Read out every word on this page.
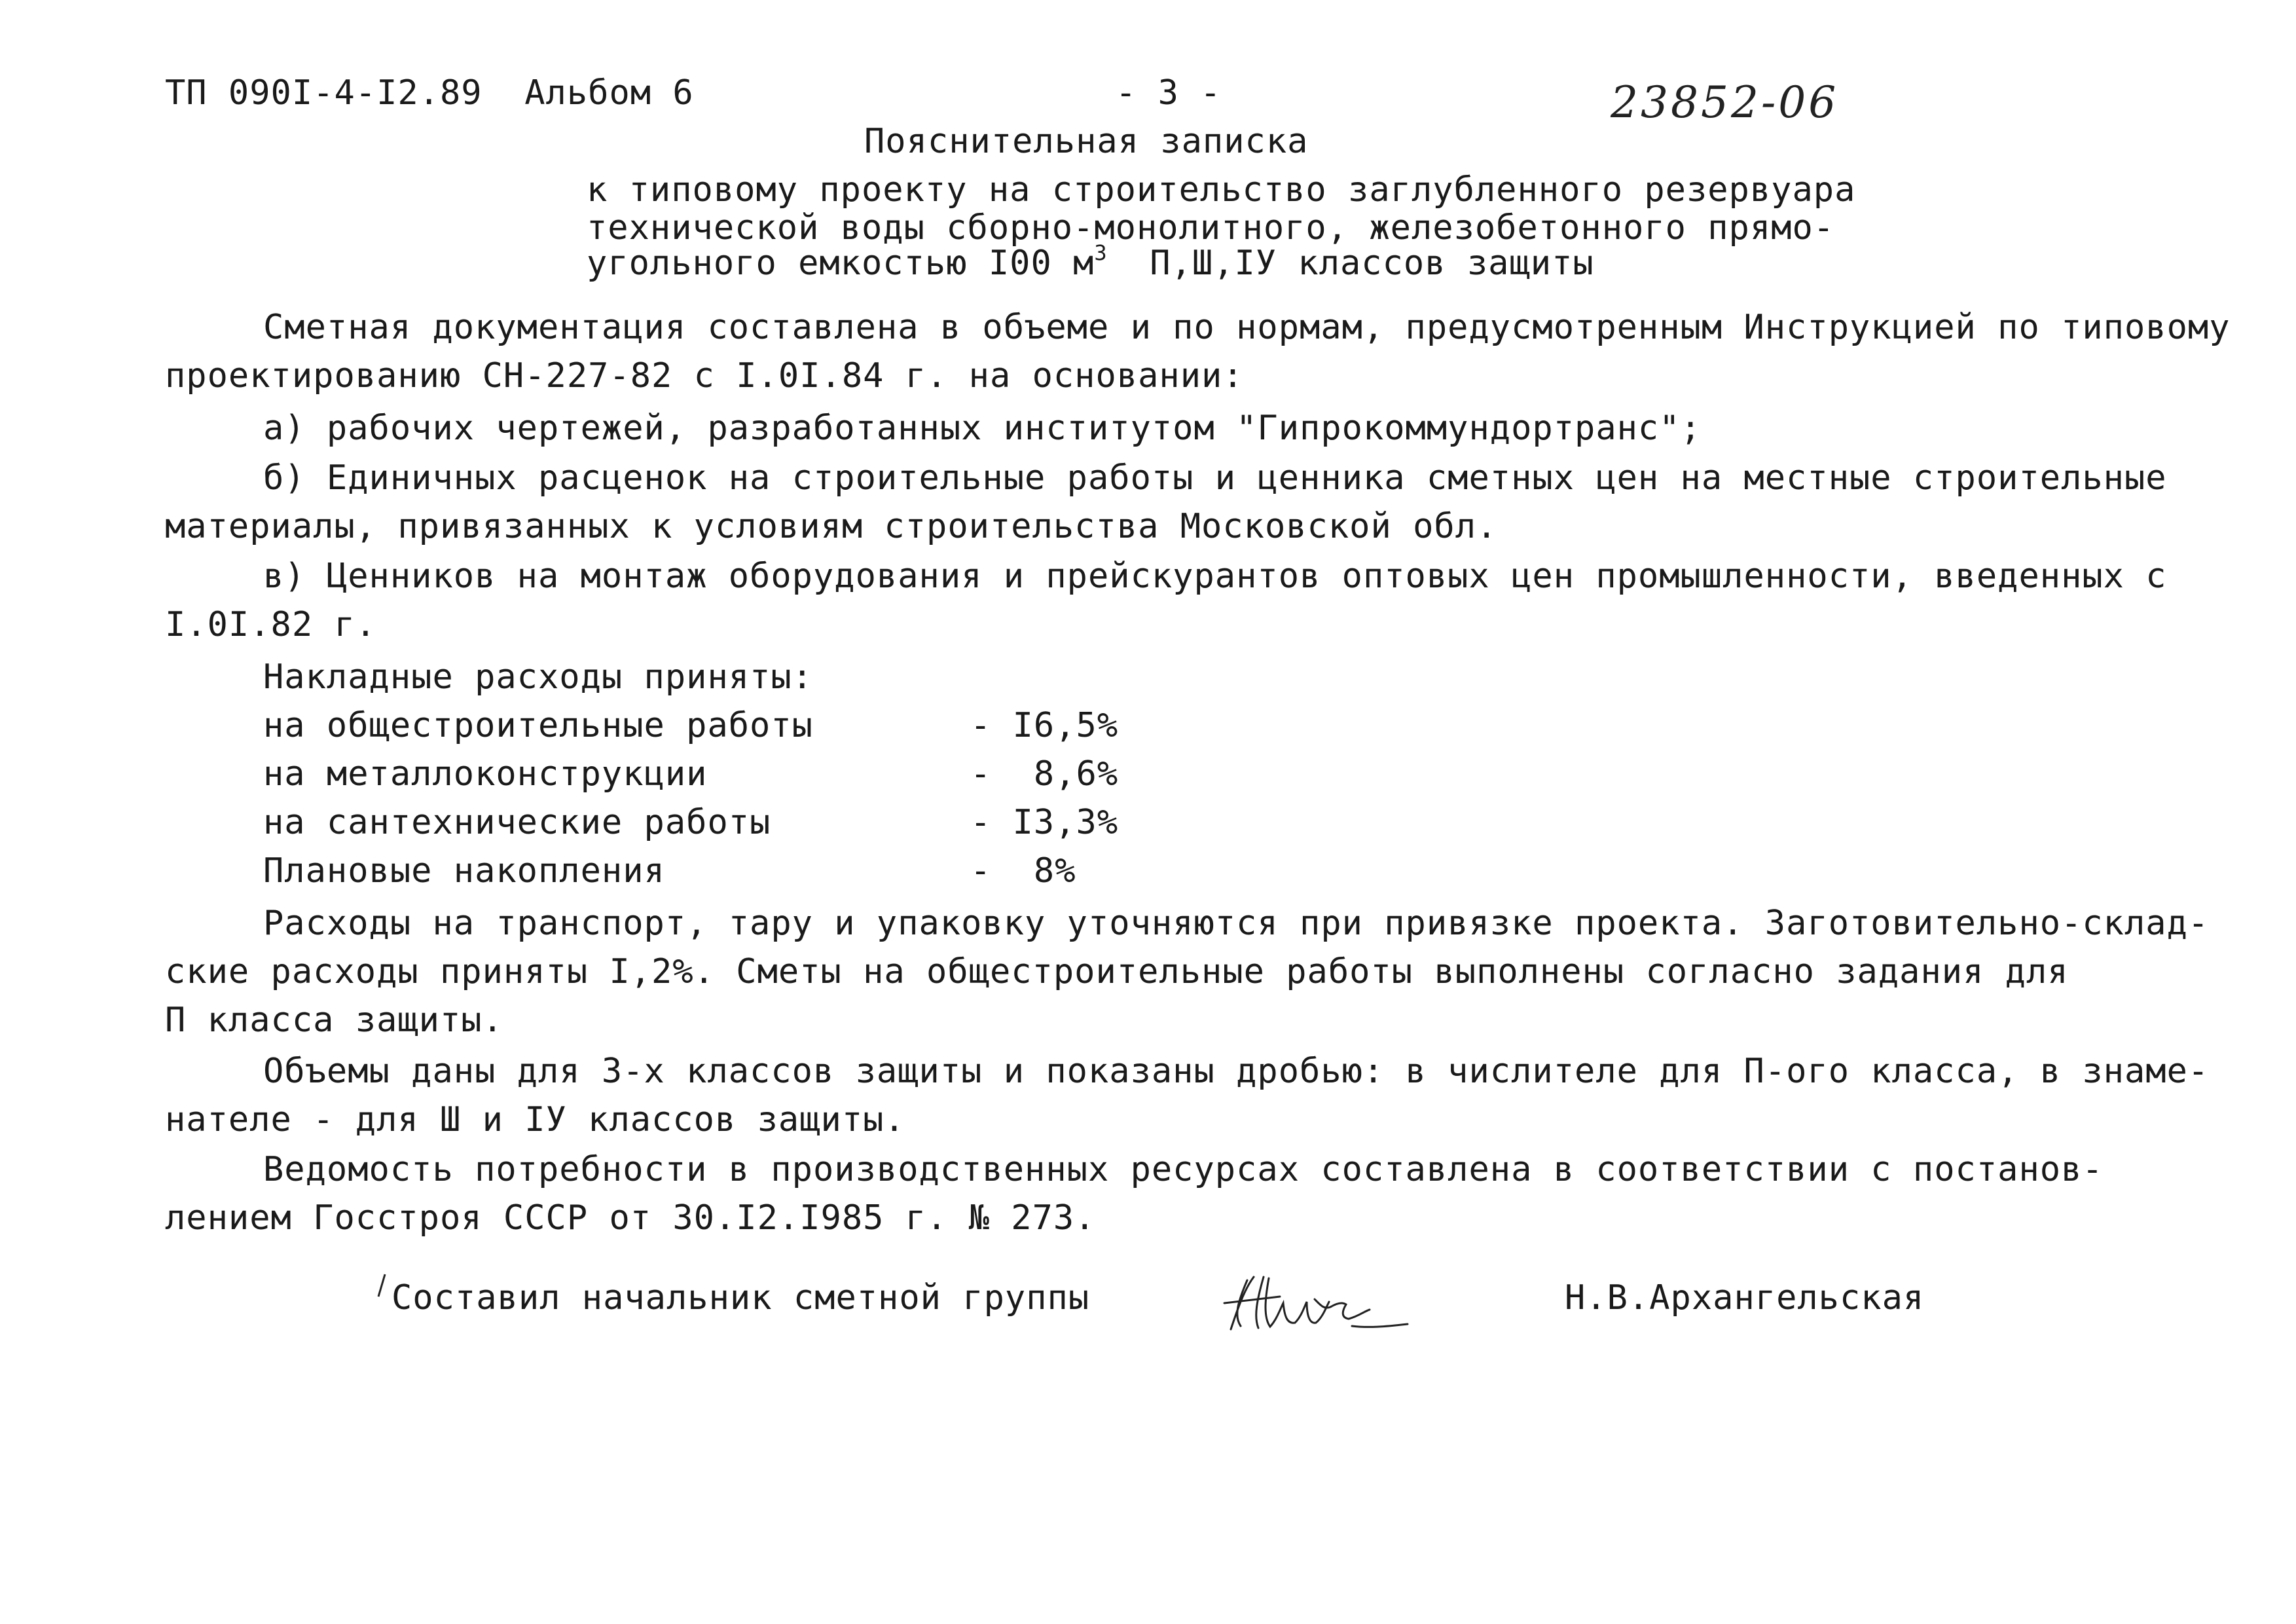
ТП 090I-4-I2.89  Альбом 6	- 3 -	23852-06
Пояснительная записка
к типовому проекту на строительство заглубленного резервуара
технической воды сборно-монолитного, железобетонного прямо-
угольного емкостью I00 $м^3$  П,Ш,IУ классов защиты
Сметная документация составлена в объеме и по нормам, предусмотренным Инструкцией по типовому
проектированию СН-227-82 с I.0I.84 г. на основании:
а) рабочих чертежей, разработанных институтом "Гипрокоммундортранс";
б) Единичных расценок на строительные работы и ценника сметных цен на местные строительные
материалы, привязанных к условиям строительства Московской обл.
в) Ценников на монтаж оборудования и прейскурантов оптовых цен промышленности, введенных с
I.0I.82 г.
Накладные расходы приняты:
на общестроительные работы	- I6,5%
на металлоконструкции	-  8,6%
на сантехнические работы	- I3,3%
Плановые накопления	-  8%
Расходы на транспорт, тару и упаковку уточняются при привязке проекта. Заготовительно-склад-
ские расходы приняты I,2%. Сметы на общестроительные работы выполнены согласно задания для
П класса защиты.
Объемы даны для 3-х классов защиты и показаны дробью: в числителе для П-ого класса, в знаме-
нателе - для Ш и IУ классов защиты.
Ведомость потребности в производственных ресурсах составлена в соответствии с постанов-
лением Госстроя СССР от 30.I2.I985 г. № 273.
Составил начальник сметной группы	Н.В.Архангельская
